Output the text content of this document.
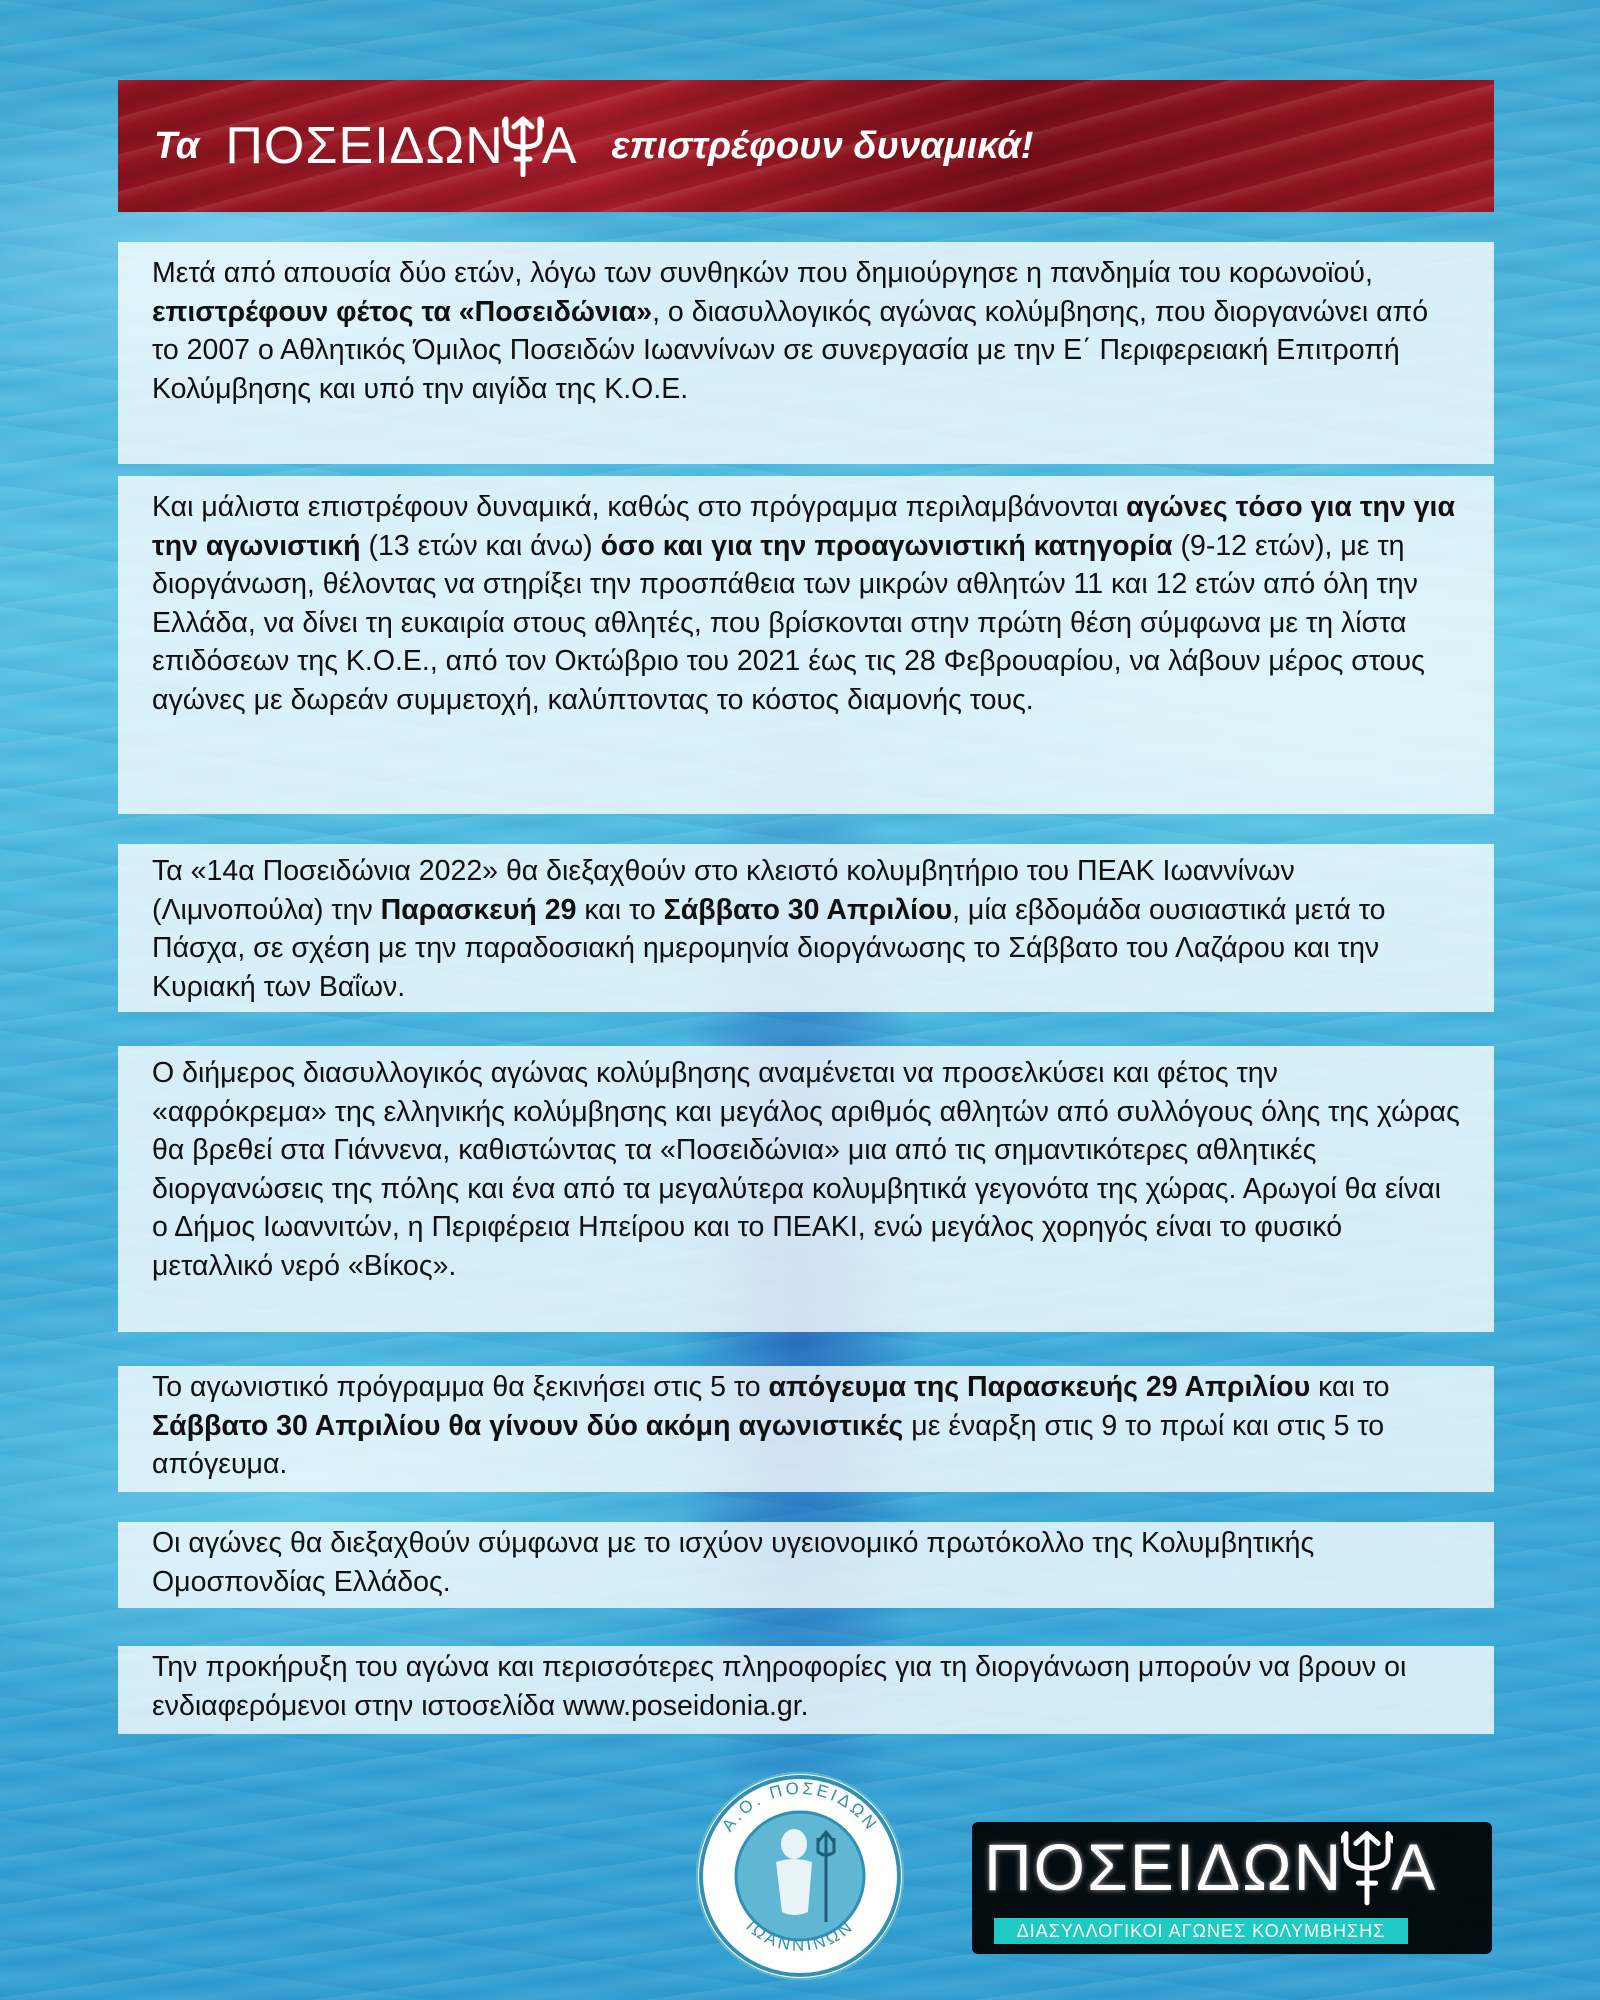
Τα ΠΟΣΕΙΔΩΝ Α επιστρέφουν δυναμικά!

Μετά από απουσία δύο ετών, λόγω των συνθηκών που δημιούργησε η πανδημία του κορωνοϊού, επιστρέφουν φέτος τα «Ποσειδώνια», ο διασυλλογικός αγώνας κολύμβησης, που διοργανώνει από το 2007 ο Αθλητικός Όμιλος Ποσειδών Ιωαννίνων σε συνεργασία με την Ε΄ Περιφερειακή Επιτροπή Κολύμβησης και υπό την αιγίδα της Κ.Ο.Ε.

Και μάλιστα επιστρέφουν δυναμικά, καθώς στο πρόγραμμα περιλαμβάνονται αγώνες τόσο για την για την αγωνιστική (13 ετών και άνω) όσο και για την προαγωνιστική κατηγορία (9-12 ετών), με τη διοργάνωση, θέλοντας να στηρίξει την προσπάθεια των μικρών αθλητών 11 και 12 ετών από όλη την Ελλάδα, να δίνει τη ευκαιρία στους αθλητές, που βρίσκονται στην πρώτη θέση σύμφωνα με τη λίστα επιδόσεων της Κ.Ο.Ε., από τον Οκτώβριο του 2021 έως τις 28 Φεβρουαρίου, να λάβουν μέρος στους αγώνες με δωρεάν συμμετοχή, καλύπτοντας το κόστος διαμονής τους.

Τα «14α Ποσειδώνια 2022» θα διεξαχθούν στο κλειστό κολυμβητήριο του ΠΕΑΚ Ιωαννίνων (Λιμνοπούλα) την Παρασκευή 29 και το Σάββατο 30 Απριλίου, μία εβδομάδα ουσιαστικά μετά το Πάσχα, σε σχέση με την παραδοσιακή ημερομηνία διοργάνωσης το Σάββατο του Λαζάρου και την Κυριακή των Βαΐων.

Ο διήμερος διασυλλογικός αγώνας κολύμβησης αναμένεται να προσελκύσει και φέτος την «αφρόκρεμα» της ελληνικής κολύμβησης και μεγάλος αριθμός αθλητών από συλλόγους όλης της χώρας θα βρεθεί στα Γιάννενα, καθιστώντας τα «Ποσειδώνια» μια από τις σημαντικότερες αθλητικές διοργανώσεις της πόλης και ένα από τα μεγαλύτερα κολυμβητικά γεγονότα της χώρας. Αρωγοί θα είναι ο Δήμος Ιωαννιτών, η Περιφέρεια Ηπείρου και το ΠΕΑΚΙ, ενώ μεγάλος χορηγός είναι το φυσικό μεταλλικό νερό «Βίκος».

Το αγωνιστικό πρόγραμμα θα ξεκινήσει στις 5 το απόγευμα της Παρασκευής 29 Απριλίου και το Σάββατο 30 Απριλίου θα γίνουν δύο ακόμη αγωνιστικές με έναρξη στις 9 το πρωί και στις 5 το απόγευμα.

Οι αγώνες θα διεξαχθούν σύμφωνα με το ισχύον υγειονομικό πρωτόκολλο της Κολυμβητικής Ομοσπονδίας Ελλάδος.

Την προκήρυξη του αγώνα και περισσότερες πληροφορίες για τη διοργάνωση μπορούν να βρουν οι ενδιαφερόμενοι στην ιστοσελίδα www.poseidonia.gr.

Α.Ο. ΠΟΣΕΙΔΩΝ
ΙΩΑΝΝΙΝΩΝ
ΠΟΣΕΙΔΩΝ Α
ΔΙΑΣΥΛΛΟΓΙΚΟΙ ΑΓΩΝΕΣ ΚΟΛΥΜΒΗΣΗΣ
